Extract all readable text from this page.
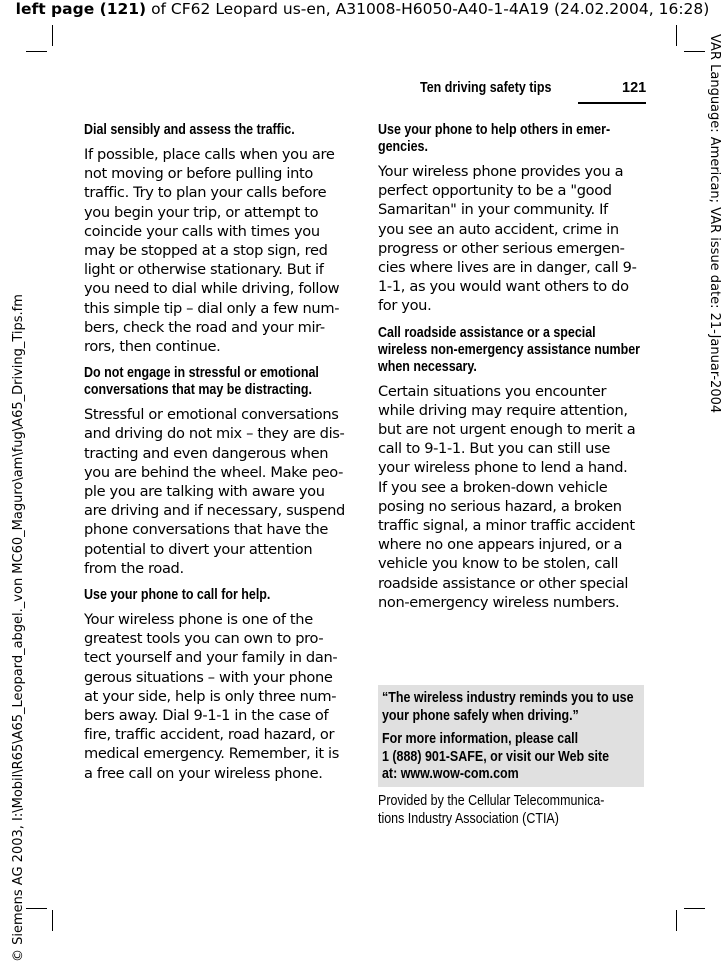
left page (121) of CF62 Leopard us-en, A31008-H6050-A40-1-4A19 (24.02.2004, 16:28)
© Siemens AG 2003, I:\Mobil\R65\A65_Leopard_abgel._von MC60_Maguro\am\fug\A65_Driving_Tips.fm
VAR Language: American; VAR issue date: 21-Januar-2004
Ten driving safety tips	121
Dial sensibly and assess the traffic.
If possible, place calls when you are
not moving or before pulling into
traffic. Try to plan your calls before
you begin your trip, or attempt to
coincide your calls with times you
may be stopped at a stop sign, red
light or otherwise stationary. But if
you need to dial while driving, follow
this simple tip – dial only a few num-
bers, check the road and your mir-
rors, then continue.
Do not engage in stressful or emotional conversations that may be distracting.
Stressful or emotional conversations
and driving do not mix – they are dis-
tracting and even dangerous when
you are behind the wheel. Make peo-
ple you are talking with aware you
are driving and if necessary, suspend
phone conversations that have the
potential to divert your attention
from the road.
Use your phone to call for help.
Your wireless phone is one of the
greatest tools you can own to pro-
tect yourself and your family in dan-
gerous situations – with your phone
at your side, help is only three num-
bers away. Dial 9-1-1 in the case of
fire, traffic accident, road hazard, or
medical emergency. Remember, it is
a free call on your wireless phone.
Use your phone to help others in emer-gencies.
Your wireless phone provides you a
perfect opportunity to be a "good
Samaritan" in your community. If
you see an auto accident, crime in
progress or other serious emergen-
cies where lives are in danger, call 9-
1-1, as you would want others to do
for you.
Call roadside assistance or a special wireless non-emergency assistance number when necessary.
Certain situations you encounter
while driving may require attention,
but are not urgent enough to merit a
call to 9-1-1. But you can still use
your wireless phone to lend a hand.
If you see a broken-down vehicle
posing no serious hazard, a broken
traffic signal, a minor traffic accident
where no one appears injured, or a
vehicle you know to be stolen, call
roadside assistance or other special
non-emergency wireless numbers.
“The wireless industry reminds you to use your phone safely when driving.”
For more information, please call
1 (888) 901-SAFE, or visit our Web site
at: www.wow-com.com
Provided by the Cellular Telecommunica-
tions Industry Association (CTIA)
